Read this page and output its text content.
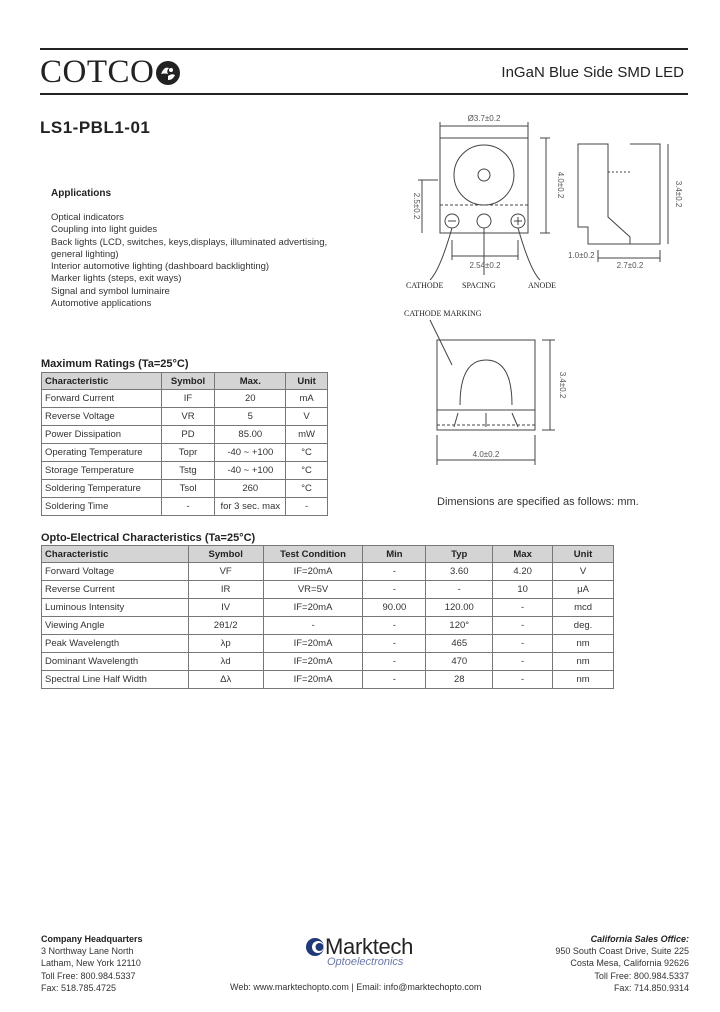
COTCO	InGaN Blue Side SMD LED
LS1-PBL1-01
Applications
Optical indicators
Coupling into light guides
Back lights (LCD, switches, keys,displays, illuminated advertising,
general lighting)
Interior automotive lighting (dashboard backlighting)
Marker lights (steps, exit ways)
Signal and symbol luminaire
Automotive applications
Ø3.7±0.2
4.0±0.2
2.5±0.2
2.54±0.2
CATHODE SPACING	ANODE
3.4±0.2
2.7±0.2
1.0±0.2
CATHODE MARKING
4.0±0.2
3.4±0.2
Dimensions are specified as follows: mm.
Maximum Ratings (Ta=25°C)
Characteristic	Symbol	Max.	Unit
Forward Current	IF	20	mA
Reverse Voltage	VR	5	V
Power Dissipation	PD	85.00	mW
Operating Temperature	Topr	-40 ~ +100	°C
Storage Temperature	Tstg	-40 ~ +100	°C
Soldering Temperature	Tsol	260	°C
Soldering Time	-	for 3 sec. max	-
Opto-Electrical Characteristics (Ta=25°C)
Characteristic	Symbol	Test Condition	Min	Typ	Max	Unit
Forward Voltage	VF	IF=20mA	-	3.60	4.20	V
Reverse Current	IR	VR=5V	-	-	10	μA
Luminous Intensity	IV	IF=20mA	90.00	120.00	-	mcd
Viewing Angle	2θ1/2	-	-	120°	-	deg.
Peak Wavelength	λp	IF=20mA	-	465	-	nm
Dominant Wavelength	λd	IF=20mA	-	470	-	nm
Spectral Line Half Width	Δλ	IF=20mA	-	28	-	nm
Company Headquarters
3 Northway Lane North
Latham, New York 12110
Toll Free: 800.984.5337
Fax: 518.785.4725
Marktech
Optoelectronics
Web: www.marktechopto.com | Email: info@marktechopto.com
California Sales Office:
950 South Coast Drive, Suite 225
Costa Mesa, California 92626
Toll Free: 800.984.5337
Fax: 714.850.9314
